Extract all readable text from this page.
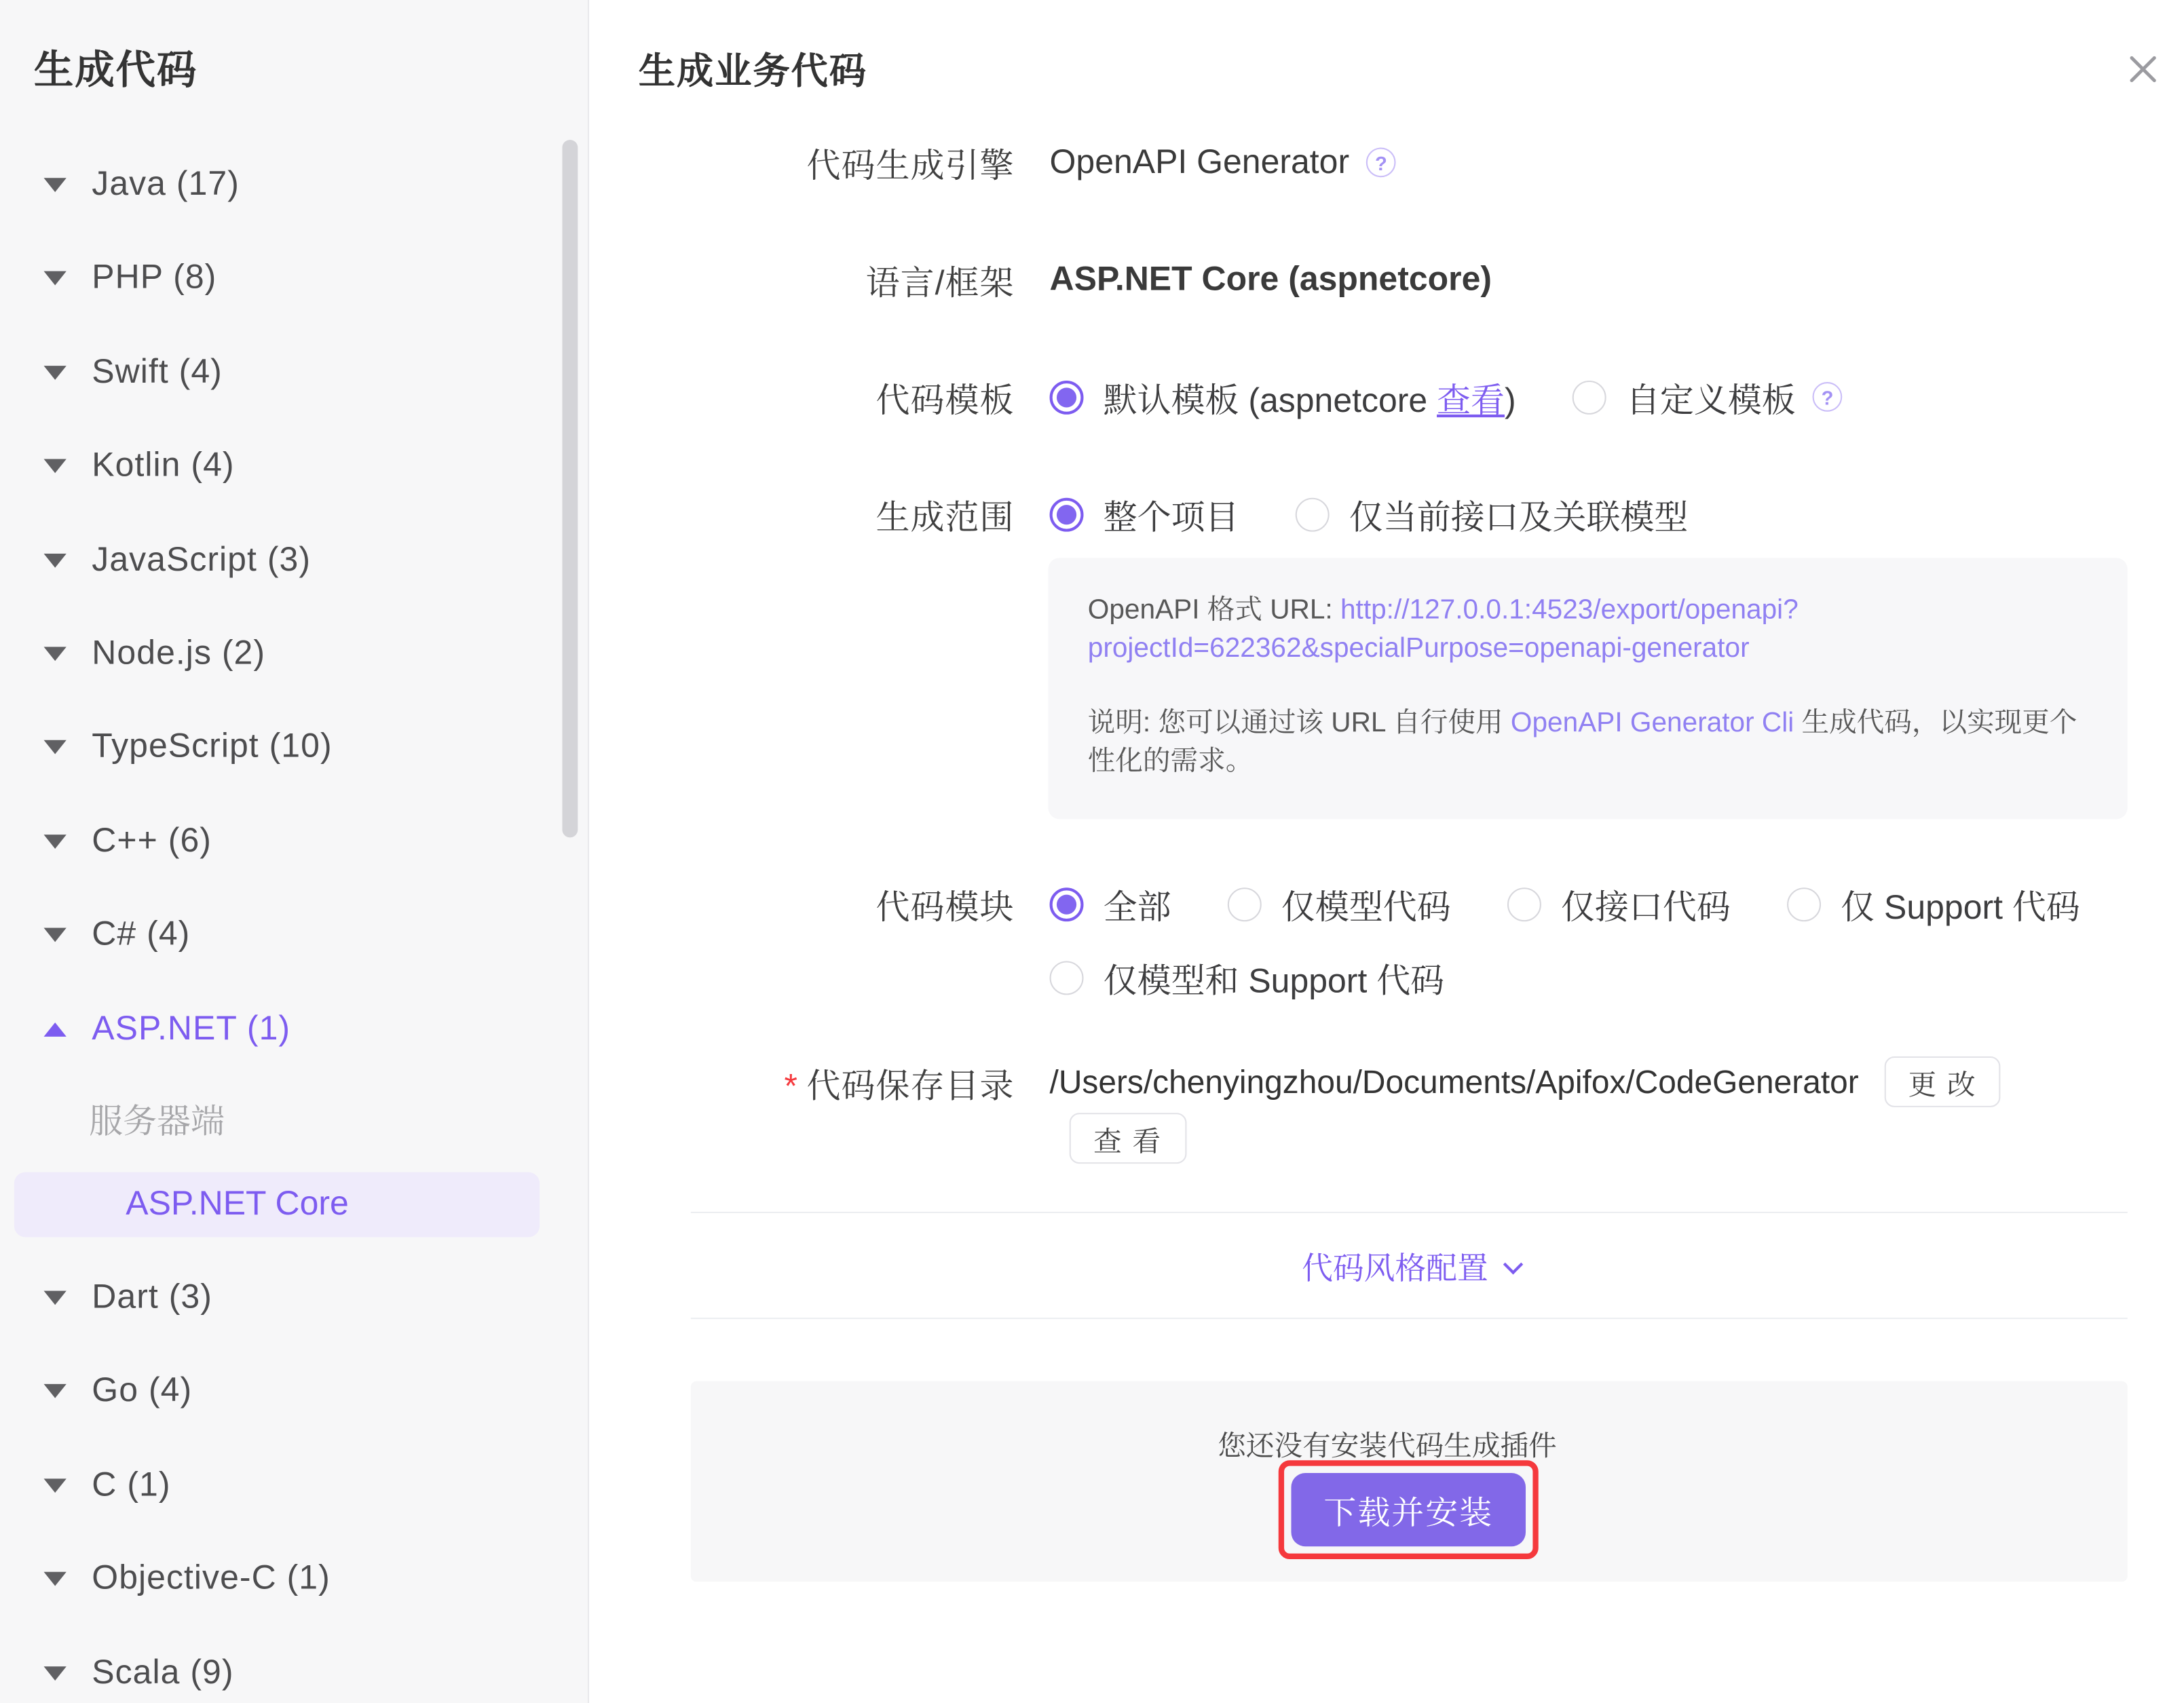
生成代码
Java (17)
PHP (8)
Swift (4)
Kotlin (4)
JavaScript (3)
Node.js (2)
TypeScript (10)
C++ (6)
C# (4)
ASP.NET (1)
服务器端
ASP.NET Core
Dart (3)
Go (4)
C (1)
Objective-C (1)
Scala (9)
生成业务代码
代码生成引擎 OpenAPI Generator	?
语言/框架 ASP.NET Core (aspnetcore)
代码模板	默认模板 (aspnetcore 查看)	自定义模板	?
生成范围	整个项目	仅当前接口及关联模型
OpenAPI 格式 URL: http://127.0.0.1:4523/export/openapi?projectId=622362&specialPurpose=openapi-generator
说明: 您可以通过该 URL 自行使用 OpenAPI Generator Cli 生成代码，以实现更个性化的需求。
代码模块	全部	仅模型代码	仅接口代码	仅 Support 代码
仅模型和 Support 代码
* 代码保存目录 /Users/chenyingzhou/Documents/Apifox/CodeGenerator	更 改
查 看
代码风格配置
您还没有安装代码生成插件
下载并安装
